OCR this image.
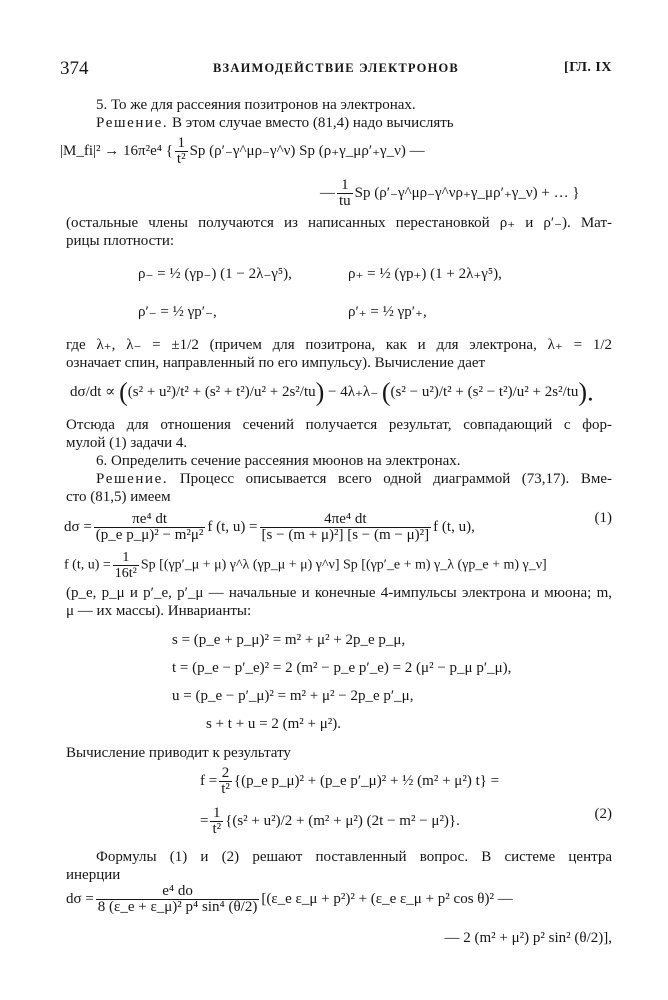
374	ВЗАИМОДЕЙСТВИЕ ЭЛЕКТРОНОВ	[ГЛ. IX
5. То же для рассеяния позитронов на электронах.
Решение. В этом случае вместо (81,4) надо вычислять
|M_fi|² → 16π²e⁴ { $\frac{1}{\text{t²}}$ Sp (ρ′₋γ^μρ₋γ^ν) Sp (ρ₊γ_μρ′₊γ_ν) —
— $\frac{1}{tu}$ Sp (ρ′₋γ^μρ₋γ^νρ₊γ_μρ′₊γ_ν) + … }
(остальные члены получаются из написанных перестановкой ρ₊ и ρ′₋). Мат-
рицы плотности:
ρ₋ = ½ (γp₋) (1 − 2λ₋γ⁵),	ρ₊ = ½ (γp₊) (1 + 2λ₊γ⁵),
ρ′₋ = ½ γp′₋,	ρ′₊ = ½ γp′₊,
где λ₊, λ₋ = ±1/2 (причем для позитрона, как и для электрона, λ₊ = 1/2
означает спин, направленный по его импульсу). Вычисление дает
dσ/dt ∝ ((s² + u²)/t² + (s² + t²)/u² + 2s²/tu) − 4λ₊λ₋ ((s² − u²)/t² + (s² − t²)/u² + 2s²/tu).
Отсюда для отношения сечений получается результат, совпадающий с фор-
мулой (1) задачи 4.
6. Определить сечение рассеяния мюонов на электронах.
Решение. Процесс описывается всего одной диаграммой (73,17). Вме-
сто (81,5) имеем
$d\sigma = \frac{\text{πe⁴ dt}}{\text{(p\_e p\_μ)² − m²μ²}}$ f (t, $u) = \frac{\text{4πe⁴ dt}}{\text{[s − (m + μ)²] [s − (m − μ)²]}}$ f (t, u),
(1)
f (t, $u) = \frac{1}{\text{16t²}}$ Sp [(γp′_μ + μ) γ^λ (γp_μ + μ) γ^ν] Sp [(γp′_e + m) γ_λ (γp_e + m) γ_ν]
(p_e, p_μ и p′_e, p′_μ — начальные и конечные 4-импульсы электрона и мюона; m,
μ — их массы). Инварианты:
s = (p_e + p_μ)² = m² + μ² + 2p_e p_μ,
t = (p_e − p′_e)² = 2 (m² − p_e p′_e) = 2 (μ² − p_μ p′_μ),
u = (p_e − p′_μ)² = m² + μ² − 2p_e p′_μ,
s + t + u = 2 (m² + μ²).
Вычисление приводит к результату
$f = \frac{2}{\text{t²}}$ {(p_e p_μ)² + (p_e p′_μ)² + ½ (m² + μ²) t} =
= $\frac{1}{\text{t²}} \{(s^2 + u^2)/2 + (m^2 + \mu^2) (2t - m^2 - \mu^2)\}$.	(2)
Формулы (1) и (2) решают поставленный вопрос. В системе центра
инерции
$d\sigma = \frac{\text{e⁴ do}}{\text{8 (ε\_e + ε\_μ)² p⁴ sin⁴ (θ/2)}}$ [(ε_e ε_μ + p²)² + (ε_e ε_μ + p² cos θ)² —
— 2 (m² + μ²) p² sin² (θ/2)],
